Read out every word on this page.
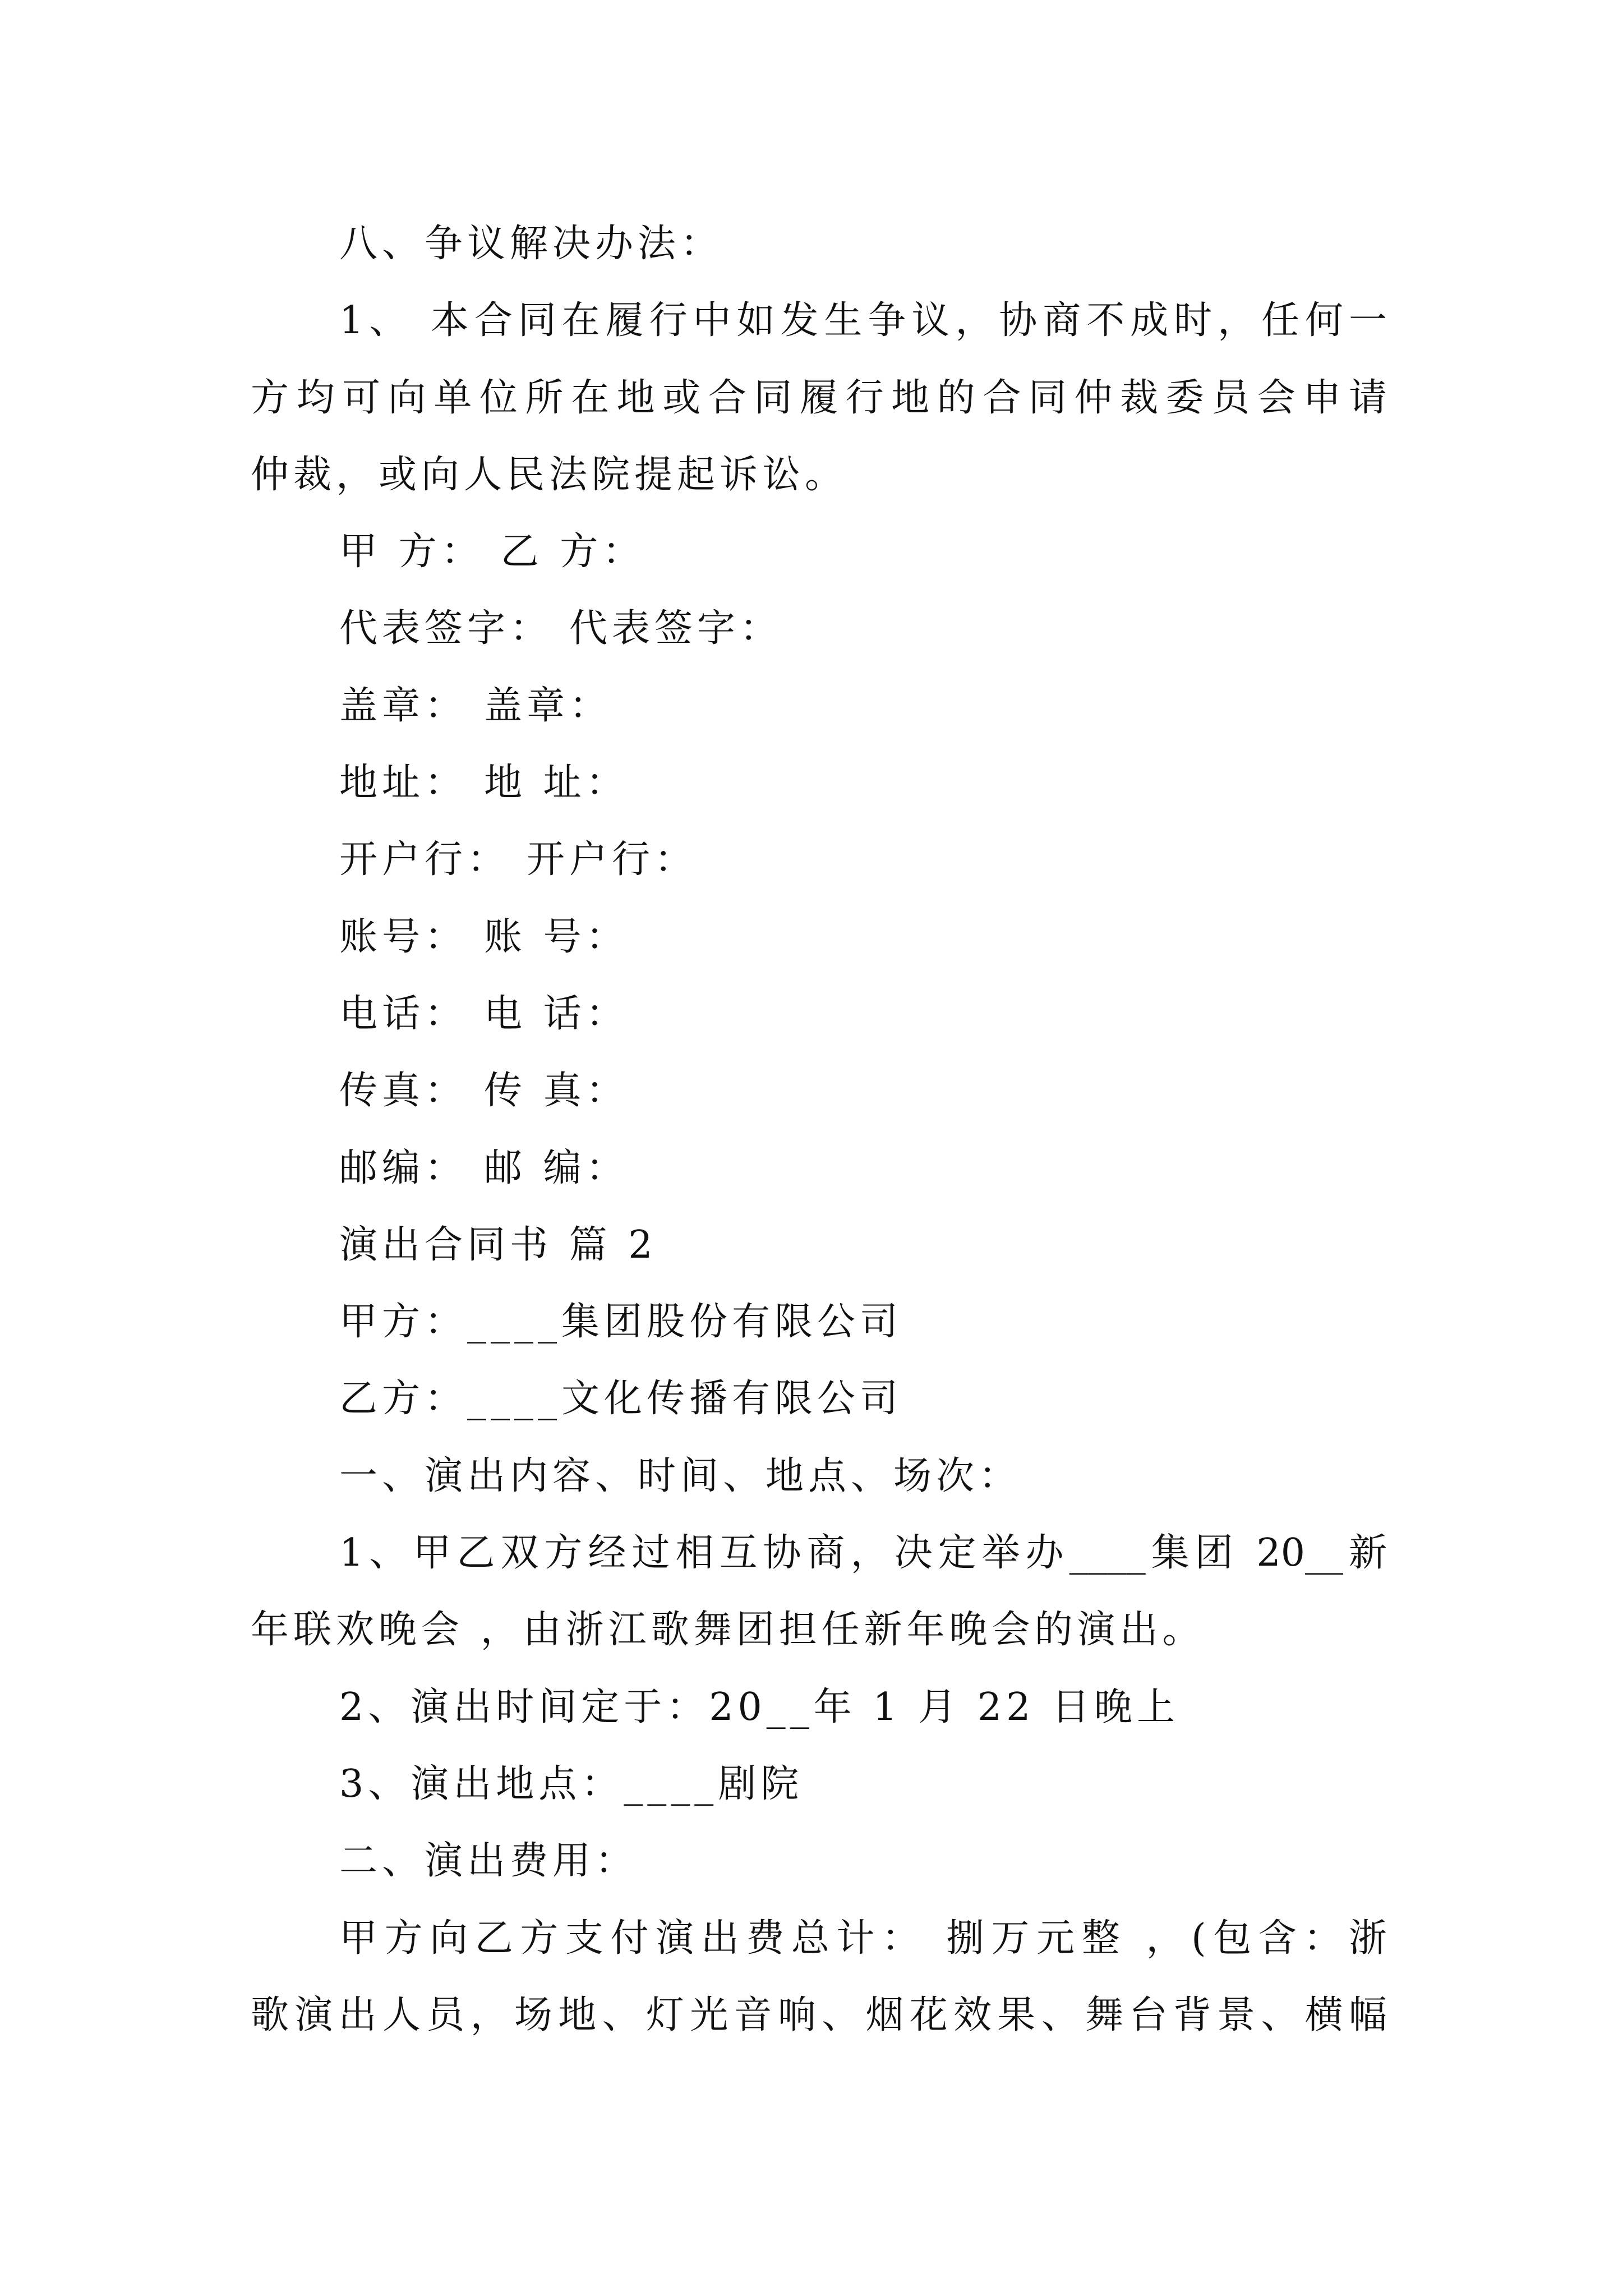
八、争议解决办法：
1、 本合同在履行中如发生争议，协商不成时，任何一
方均可向单位所在地或合同履行地的合同仲裁委员会申请
仲裁，或向人民法院提起诉讼。
甲 方： 乙 方：
代表签字： 代表签字：
盖章： 盖章：
地址： 地 址：
开户行： 开户行：
账号： 账 号：
电话： 电 话：
传真： 传 真：
邮编： 邮 编：
演出合同书 篇 2
甲方：____集团股份有限公司
乙方：____文化传播有限公司
一、演出内容、时间、地点、场次：
1、甲乙双方经过相互协商，决定举办____集团 20__新
年联欢晚会 ，由浙江歌舞团担任新年晚会的演出。
2、演出时间定于：20__年 1 月 22 日晚上
3、演出地点：____剧院
二、演出费用：
甲方向乙方支付演出费总计： 捌万元整 ，(包含：浙
歌演出人员，场地、灯光音响、烟花效果、舞台背景、横幅
